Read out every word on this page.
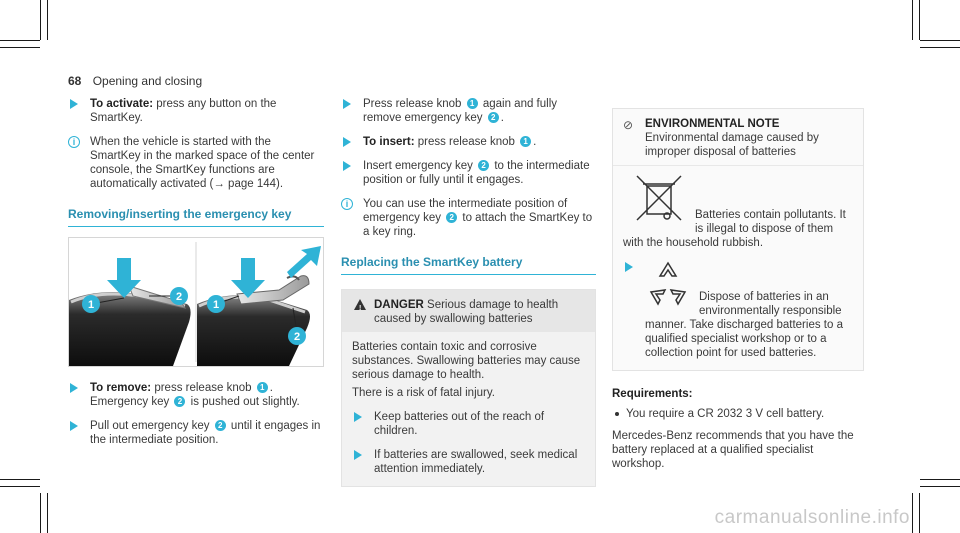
68 Opening and closing
To activate: press any button on the SmartKey.
i	When the vehicle is started with the SmartKey in the marked space of the center console, the SmartKey functions are automatically activated (→ page 144).
Removing/inserting the emergency key
1
2
1
2
To remove: press release knob 1 . Emergency key 2 is pushed out slightly.
Pull out emergency key 2 until it engages in the intermediate position.
Press release knob 1 again and fully remove emergency key 2 .
To insert: press release knob 1 .
Insert emergency key 2 to the intermediate position or fully until it engages.
i	You can use the intermediate position of emergency key 2 to attach the SmartKey to a key ring.
Replacing the SmartKey battery
! DANGER Serious damage to health caused by swallowing batteries

Batteries contain toxic and corrosive substances. Swallowing batteries may cause serious damage to health.

There is a risk of fatal injury.

Keep batteries out of the reach of children.
If batteries are swallowed, seek medical attention immediately.
⊘	ENVIRONMENTAL NOTE Environmental damage caused by improper disposal of batteries

Batteries contain pollutants. It is illegal to dispose of them with the household rubbish.

Dispose of batteries in an environmentally responsible manner. Take discharged batteries to a qualified specialist workshop or to a collection point for used batteries.
Requirements:
You require a CR 2032 3 V cell battery.

Mercedes-Benz recommends that you have the battery replaced at a qualified specialist workshop.

carmanualsonline.info
